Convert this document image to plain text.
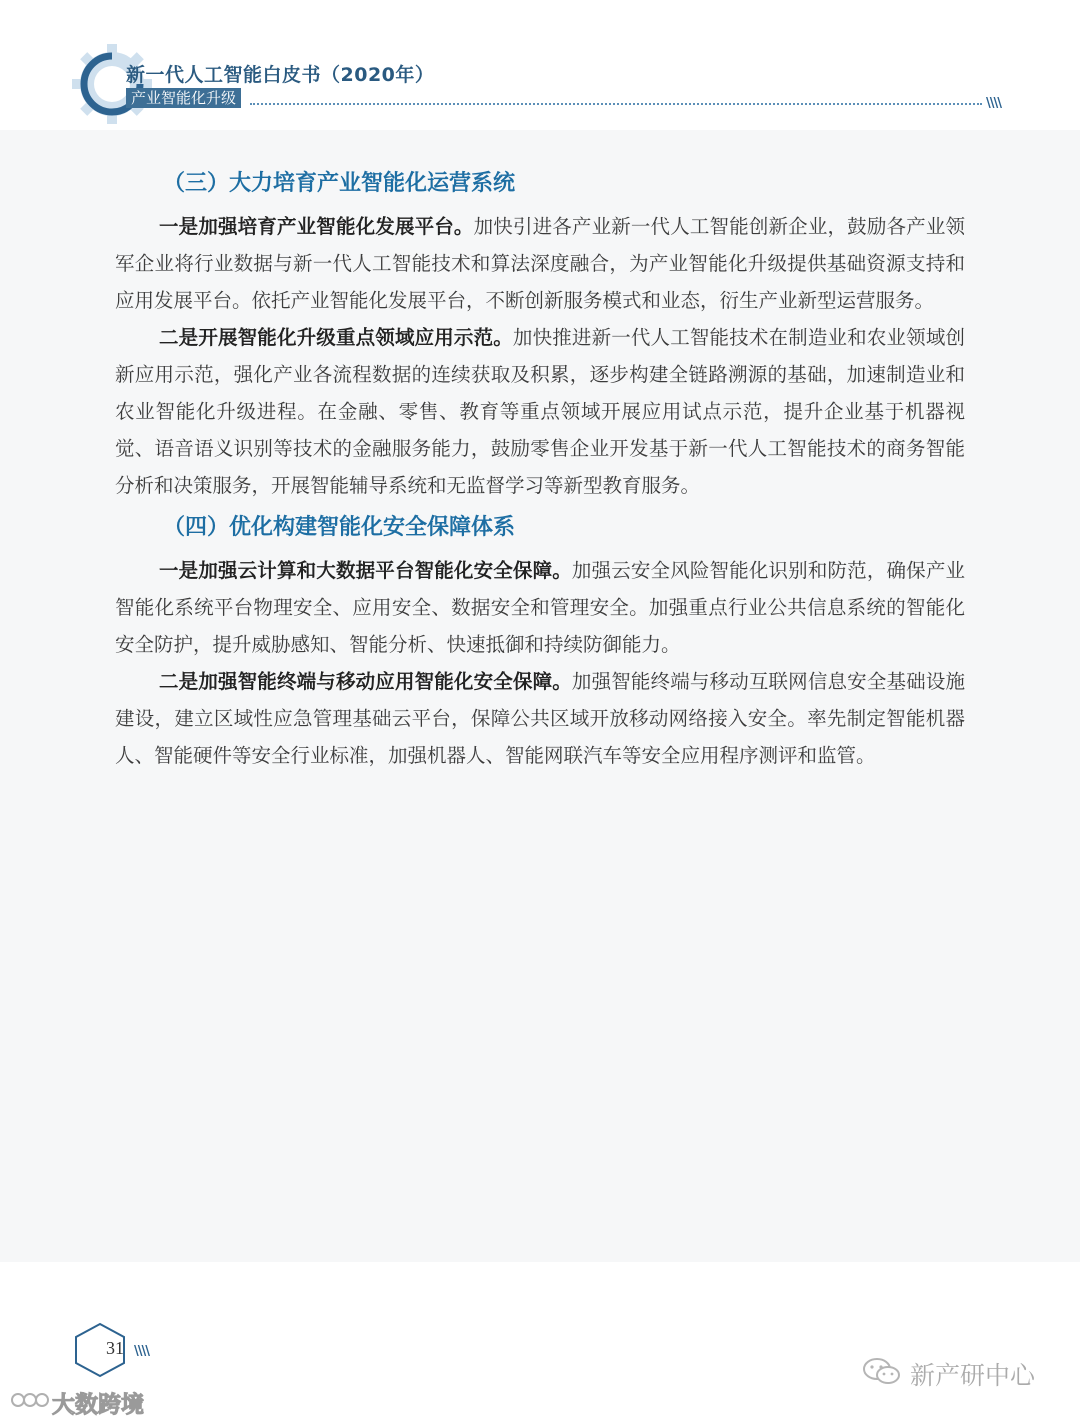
新一代人工智能白皮书（2020年）
产业智能化升级	\\\\
（三）大力培育产业智能化运营系统

一是加强培育产业智能化发展平台。加快引进各产业新一代人工智能创新企业，鼓励各产业领军企业将行业数据与新一代人工智能技术和算法深度融合，为产业智能化升级提供基础资源支持和应用发展平台。依托产业智能化发展平台，不断创新服务模式和业态，衍生产业新型运营服务。

二是开展智能化升级重点领域应用示范。加快推进新一代人工智能技术在制造业和农业领域创新应用示范，强化产业各流程数据的连续获取及积累，逐步构建全链路溯源的基础，加速制造业和农业智能化升级进程。在金融、零售、教育等重点领域开展应用试点示范，提升企业基于机器视觉、语音语义识别等技术的金融服务能力，鼓励零售企业开发基于新一代人工智能技术的商务智能分析和决策服务，开展智能辅导系统和无监督学习等新型教育服务。

（四）优化构建智能化安全保障体系

一是加强云计算和大数据平台智能化安全保障。加强云安全风险智能化识别和防范，确保产业智能化系统平台物理安全、应用安全、数据安全和管理安全。加强重点行业公共信息系统的智能化安全防护，提升威胁感知、智能分析、快速抵御和持续防御能力。

二是加强智能终端与移动应用智能化安全保障。加强智能终端与移动互联网信息安全基础设施建设，建立区域性应急管理基础云平台，保障公共区域开放移动网络接入安全。率先制定智能机器人、智能硬件等安全行业标准，加强机器人、智能网联汽车等安全应用程序测评和监管。

31 \\\\
新产研中心
大数跨境
